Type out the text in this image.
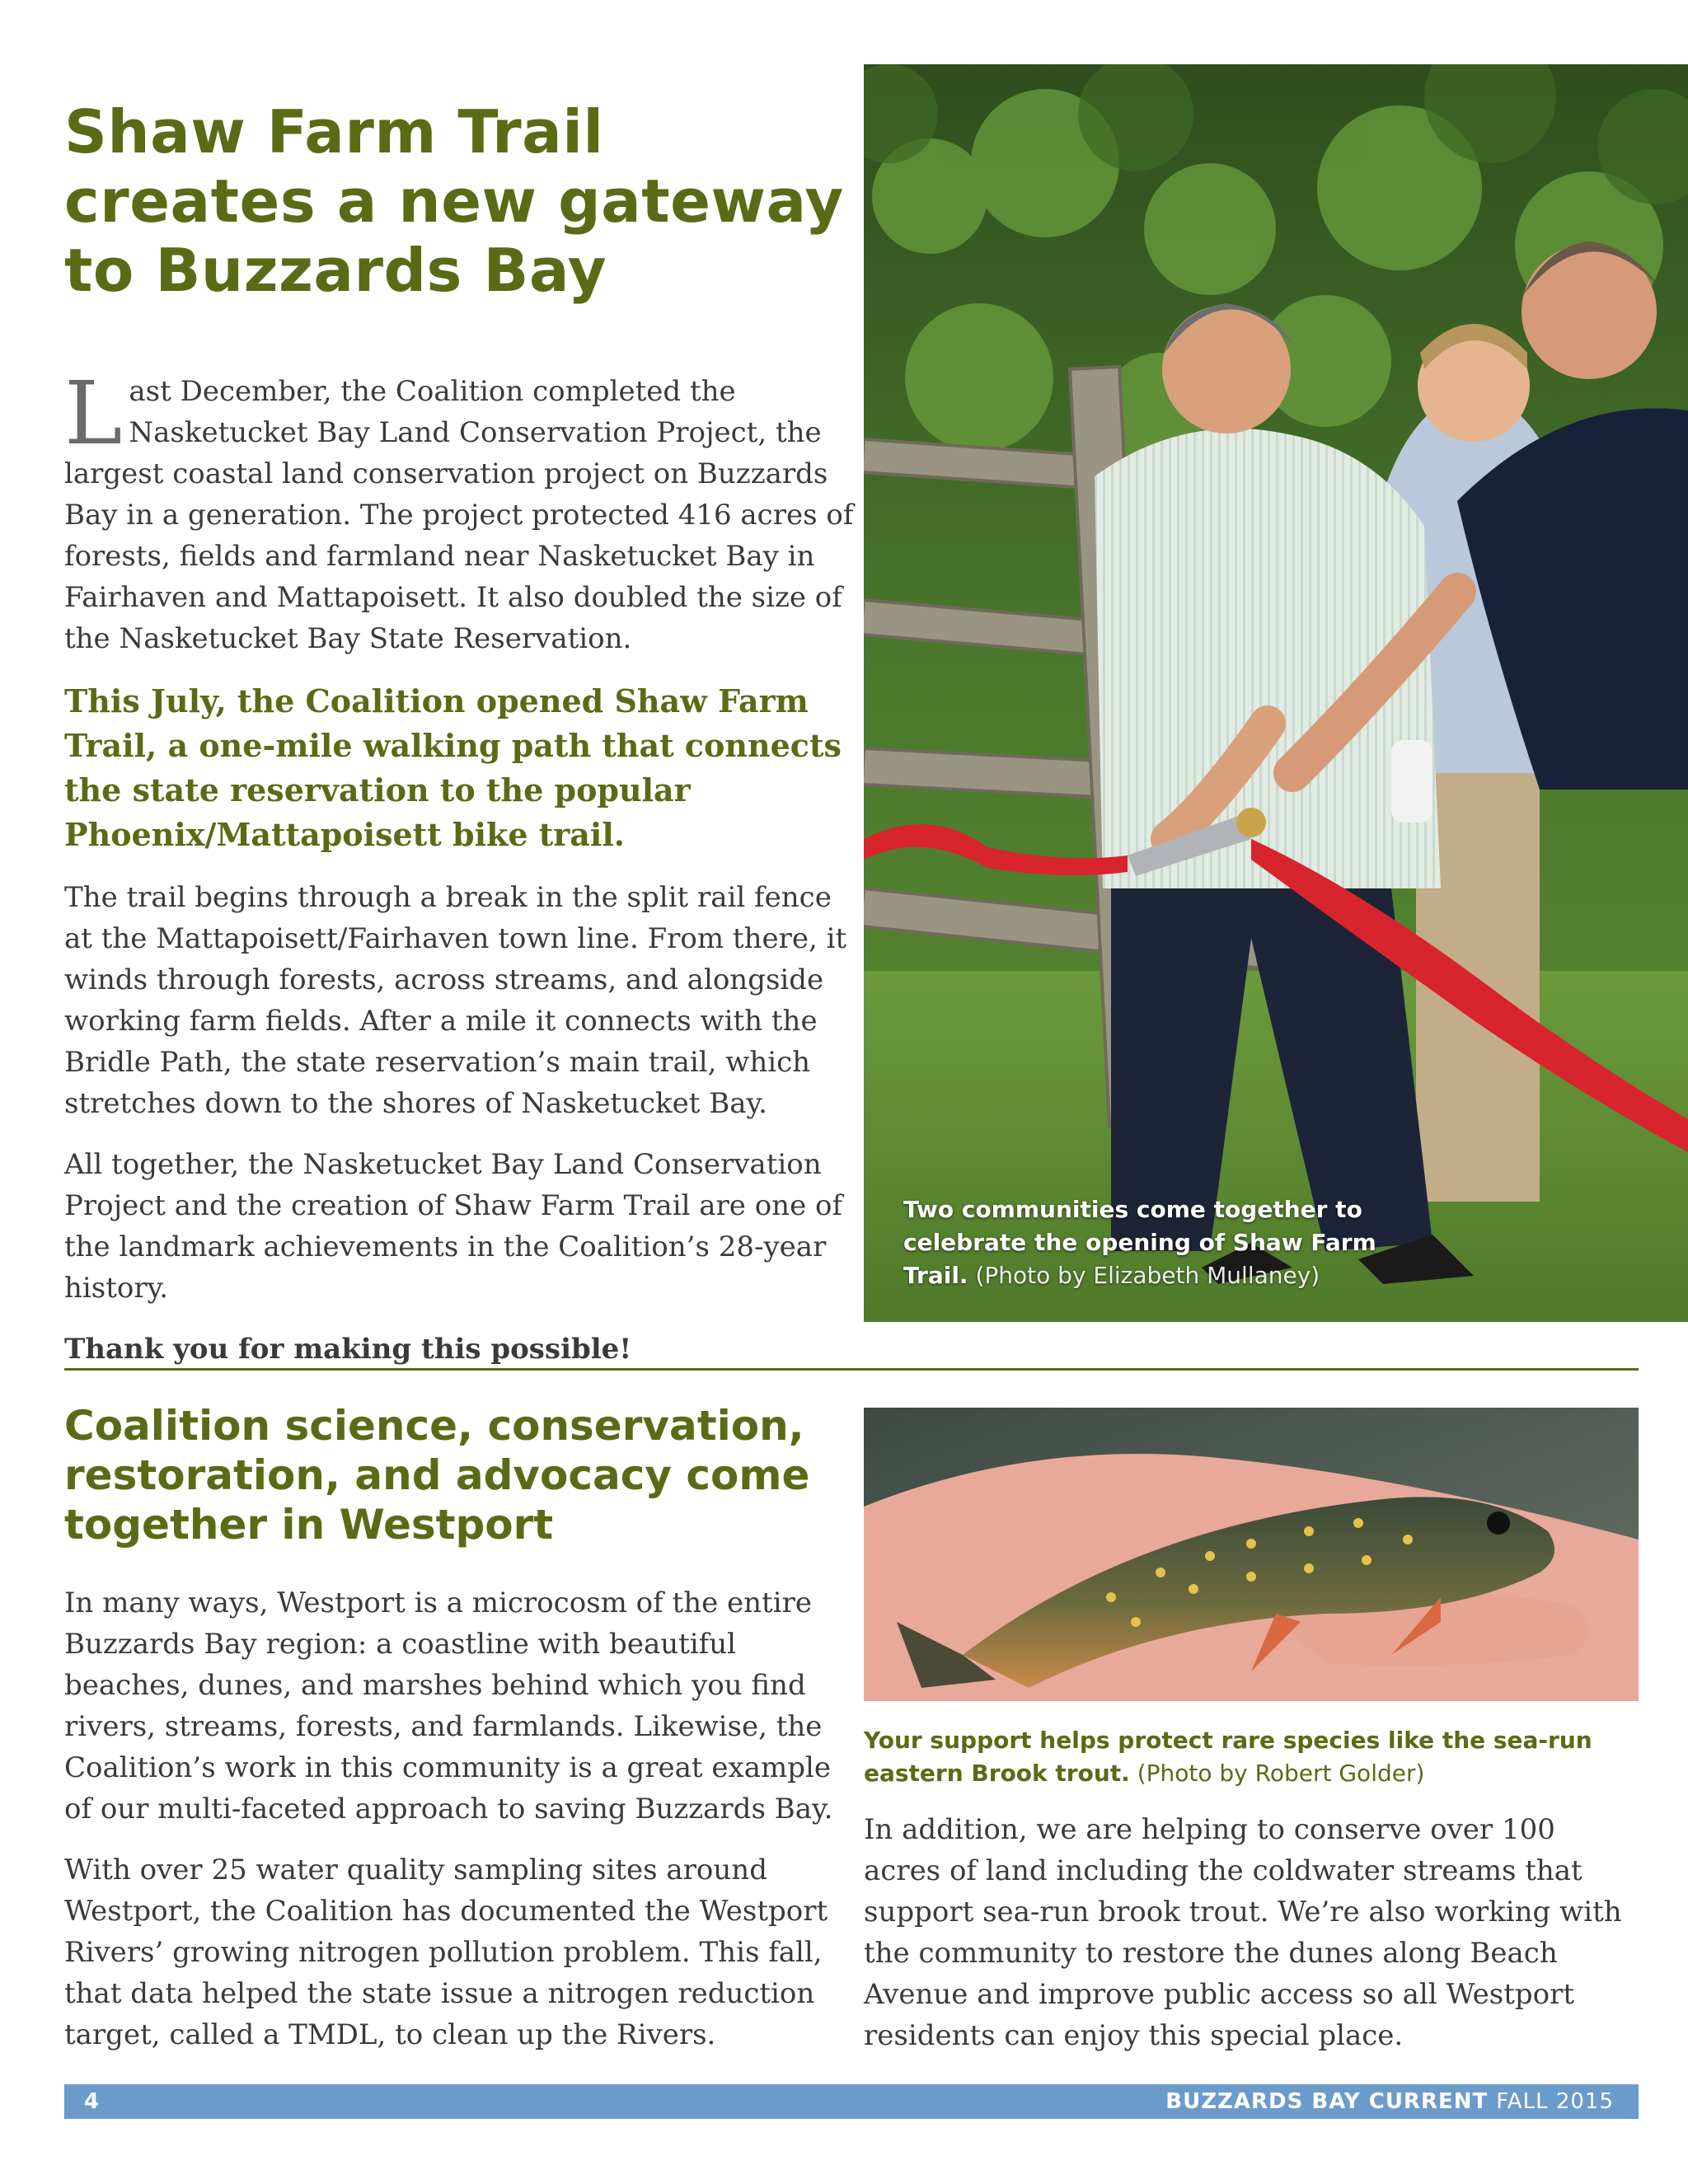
Shaw Farm Trail creates a new gateway to Buzzards Bay

Last December, the Coalition completed the Nasketucket Bay Land Conservation Project, the largest coastal land conservation project on Buzzards Bay in a generation. The project protected 416 acres of forests, fields and farmland near Nasketucket Bay in Fairhaven and Mattapoisett. It also doubled the size of the Nasketucket Bay State Reservation.

This July, the Coalition opened Shaw Farm Trail, a one-mile walking path that connects the state reservation to the popular Phoenix/Mattapoisett bike trail.

The trail begins through a break in the split rail fence at the Mattapoisett/Fairhaven town line. From there, it winds through forests, across streams, and alongside working farm fields. After a mile it connects with the Bridle Path, the state reservation’s main trail, which stretches down to the shores of Nasketucket Bay.

All together, the Nasketucket Bay Land Conservation Project and the creation of Shaw Farm Trail are one of the landmark achievements in the Coalition’s 28-year history.

Thank you for making this possible!

Two communities come together to celebrate the opening of Shaw Farm Trail. (Photo by Elizabeth Mullaney)
Coalition science, conservation, restoration, and advocacy come together in Westport

In many ways, Westport is a microcosm of the entire Buzzards Bay region: a coastline with beautiful beaches, dunes, and marshes behind which you find rivers, streams, forests, and farmlands. Likewise, the Coalition’s work in this community is a great example of our multi-faceted approach to saving Buzzards Bay.

With over 25 water quality sampling sites around Westport, the Coalition has documented the Westport Rivers’ growing nitrogen pollution problem. This fall, that data helped the state issue a nitrogen reduction target, called a TMDL, to clean up the Rivers.

Your support helps protect rare species like the sea-run eastern Brook trout. (Photo by Robert Golder)

In addition, we are helping to conserve over 100 acres of land including the coldwater streams that support sea-run brook trout. We’re also working with the community to restore the dunes along Beach Avenue and improve public access so all Westport residents can enjoy this special place.

4	BUZZARDS BAY CURRENT FALL 2015
